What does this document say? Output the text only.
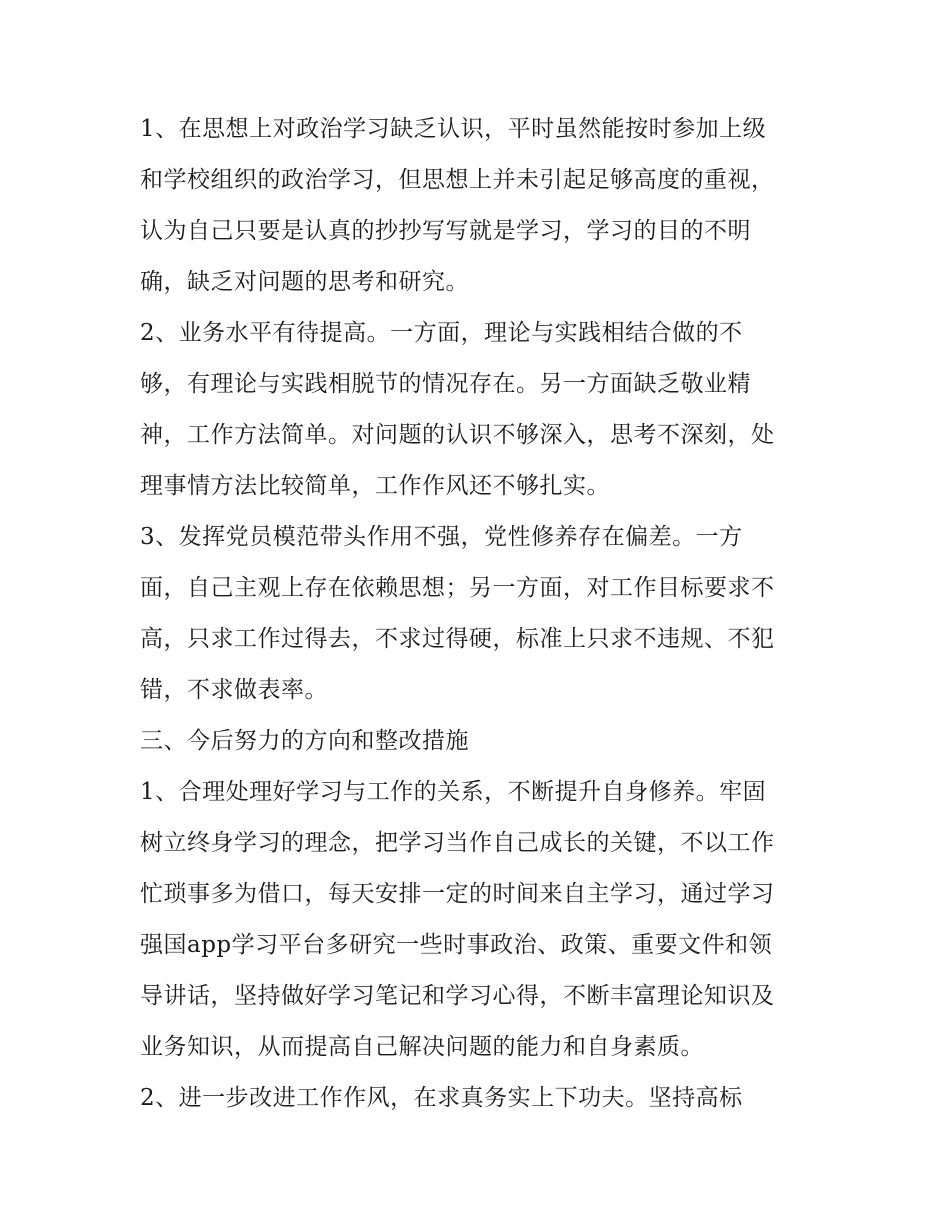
1、在思想上对政治学习缺乏认识，平时虽然能按时参加上级
和学校组织的政治学习，但思想上并未引起足够高度的重视，
认为自己只要是认真的抄抄写写就是学习，学习的目的不明
确，缺乏对问题的思考和研究。
2、业务水平有待提高。一方面，理论与实践相结合做的不
够，有理论与实践相脱节的情况存在。另一方面缺乏敬业精
神，工作方法简单。对问题的认识不够深入，思考不深刻，处
理事情方法比较简单，工作作风还不够扎实。
3、发挥党员模范带头作用不强，党性修养存在偏差。一方
面，自己主观上存在依赖思想；另一方面，对工作目标要求不
高，只求工作过得去，不求过得硬，标准上只求不违规、不犯
错，不求做表率。
三、今后努力的方向和整改措施
1、合理处理好学习与工作的关系，不断提升自身修养。牢固
树立终身学习的理念，把学习当作自己成长的关键，不以工作
忙琐事多为借口，每天安排一定的时间来自主学习，通过学习
强国app学习平台多研究一些时事政治、政策、重要文件和领
导讲话，坚持做好学习笔记和学习心得，不断丰富理论知识及
业务知识，从而提高自己解决问题的能力和自身素质。
2、进一步改进工作作风，在求真务实上下功夫。坚持高标
